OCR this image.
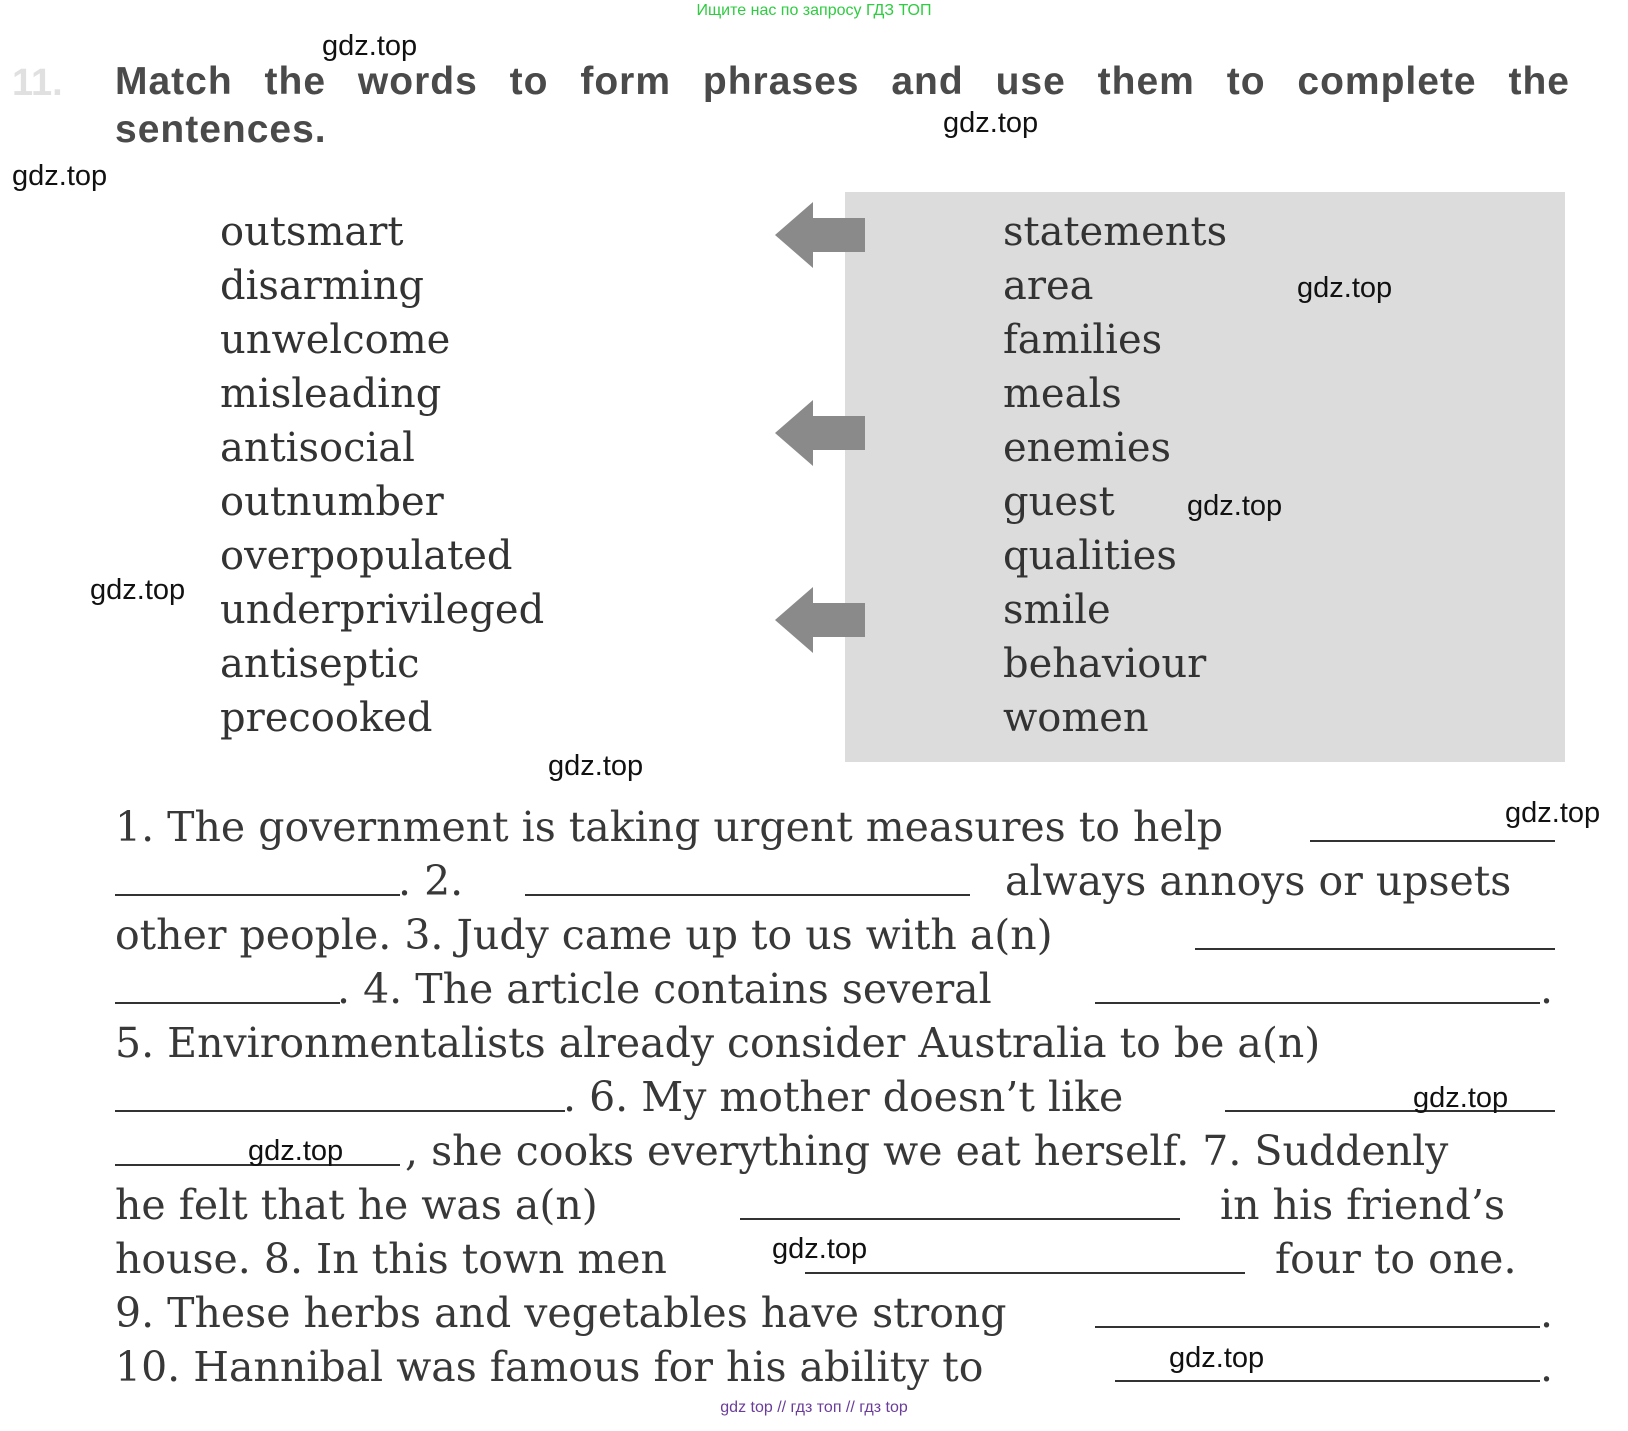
Ищите нас по запросу ГДЗ ТОП
11. Match the words to form phrases and use them to complete the sentences.
outsmart
disarming
unwelcome
misleading
antisocial
outnumber
overpopulated
underprivileged
antiseptic
precooked
statements
area
families
meals
enemies
guest
qualities
smile
behaviour
women
1. The government is taking urgent measures to help
. 2.	always annoys or upsets
other people. 3. Judy came up to us with a(n)
. 4. The article contains several	.
5. Environmentalists already consider Australia to be a(n)
. 6. My mother doesn’t like
, she cooks everything we eat herself. 7. Suddenly
he felt that he was a(n)	in his friend’s
house. 8. In this town men	four to one.
9. These herbs and vegetables have strong	.
10. Hannibal was famous for his ability to	.
gdz.top
gdz.top
gdz.top
gdz.top
gdz.top
gdz.top
gdz.top
gdz.top
gdz.top
gdz.top
gdz.top
gdz.top
gdz top // гдз топ // гдз top
